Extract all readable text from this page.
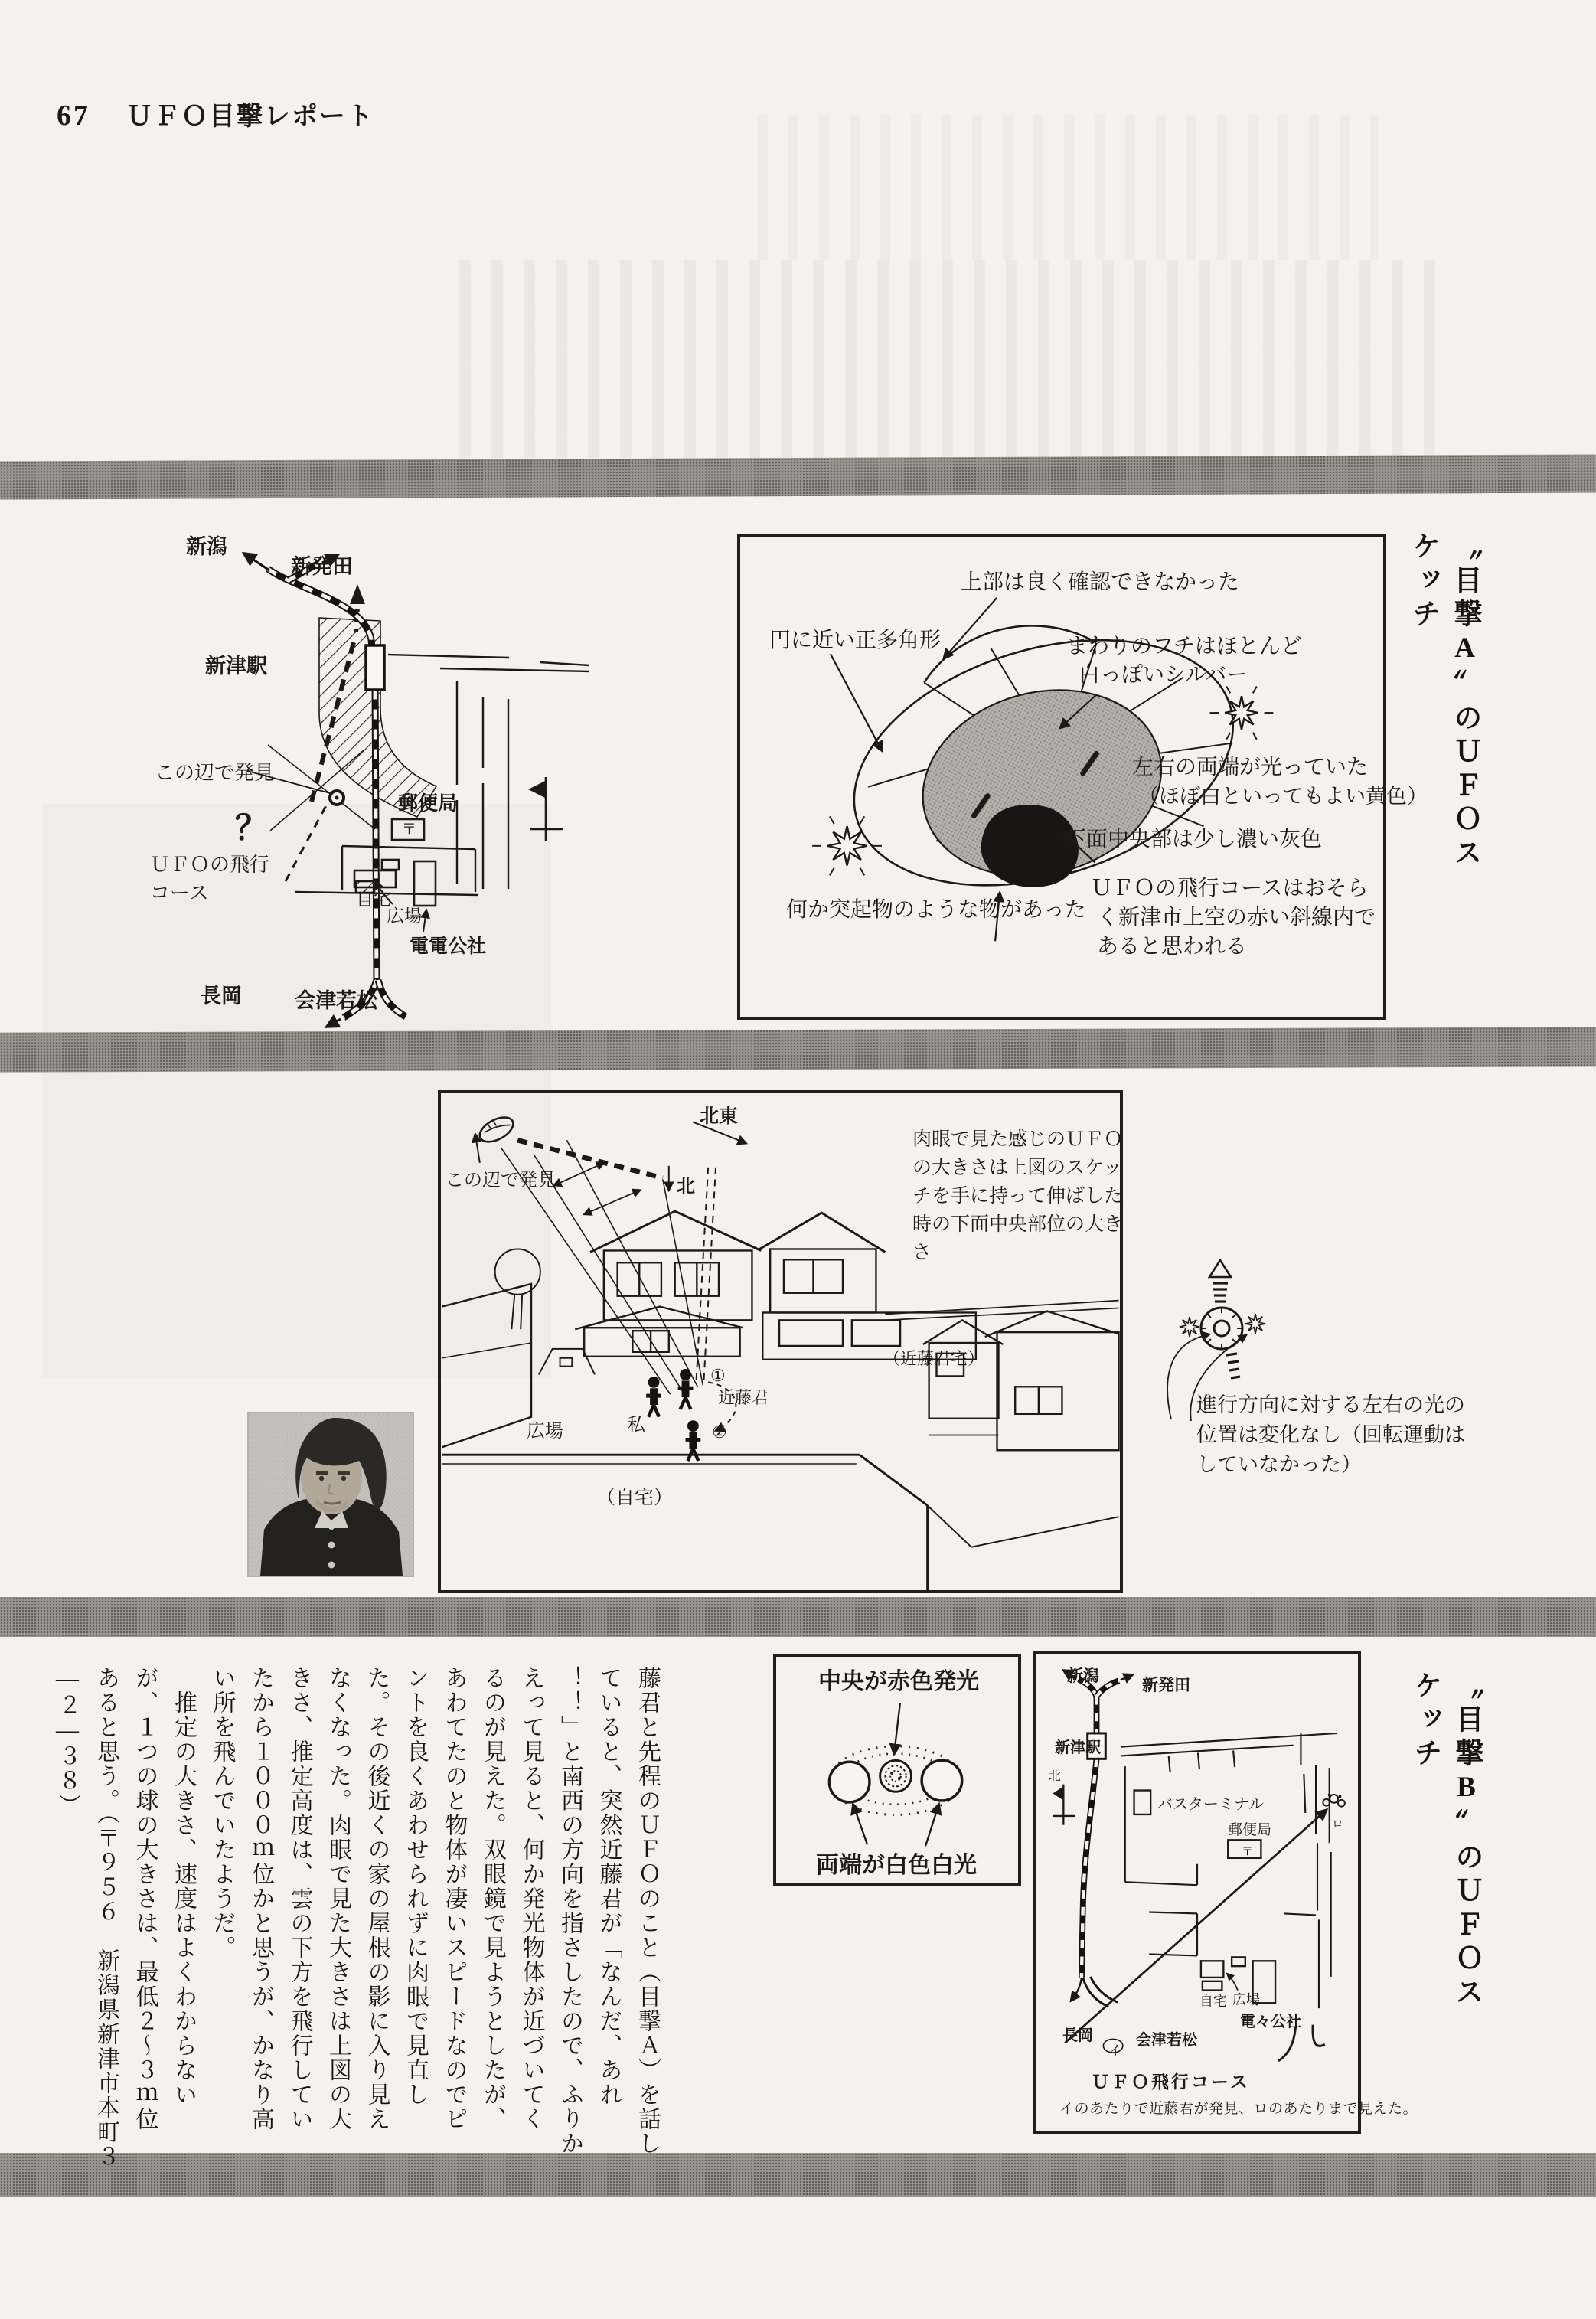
67 ＵＦＯ目撃レポート
新潟
新発田
新津駅
この辺で発見
？
ＵＦＯの飛行
コース
長岡	会津若松
郵便局
〒
自宅
広場
電電公社
上部は良く確認できなかった
円に近い正多角形	まわりのフチはほとんど
白っぽいシルバー
左右の両端が光っていた
（ほぼ白といってもよい黄色）
下面中央部は少し濃い灰色
何か突起物のような物があった
ＵＦＯの飛行コースはおそら
く新津市上空の赤い斜線内で
あると思われる
〝目撃A〟のＵＦＯスケッチ
北東
この辺で発見	北
私
①
近藤君
②
広場
（自宅）
（近藤君宅）
肉眼で見た感じのＵＦＯ
の大きさは上図のスケッ
チを手に持って伸ばした
時の下面中央部位の大き
さ
進行方向に対する左右の光の
位置は変化なし（回転運動は
していなかった）
藤君と先程のＵＦＯのこと（目撃Ａ）を話し
ていると、突然近藤君が「なんだ、あれ
！！」と南西の方向を指さしたので、ふりか
えって見ると、何か発光物体が近づいてく
るのが見えた。双眼鏡で見ようとしたが、
あわてたのと物体が凄いスピードなのでピ
ントを良くあわせられずに肉眼で見直し
た。その後近くの家の屋根の影に入り見え
なくなった。肉眼で見た大きさは上図の大
きさ、推定高度は、雲の下方を飛行してい
たから１０００ｍ位かと思うが、かなり高
い所を飛んでいたようだ。
　推定の大きさ、速度はよくわからない
が、１つの球の大きさは、最低２～３ｍ位
あると思う。（〒９５６　新潟県新津市本町３
―２―３８）	中央が赤色発光
両端が白色白光
新潟
新発田
新津駅
北
バスターミナル
郵便局
〒
自宅 広場
電々公社
長岡	会津若松
イ
ロ
ＵＦＯ飛行コース
イのあたりで近藤君が発見、ロのあたりまで見えた。
〝目撃B〟のＵＦＯスケッチ
